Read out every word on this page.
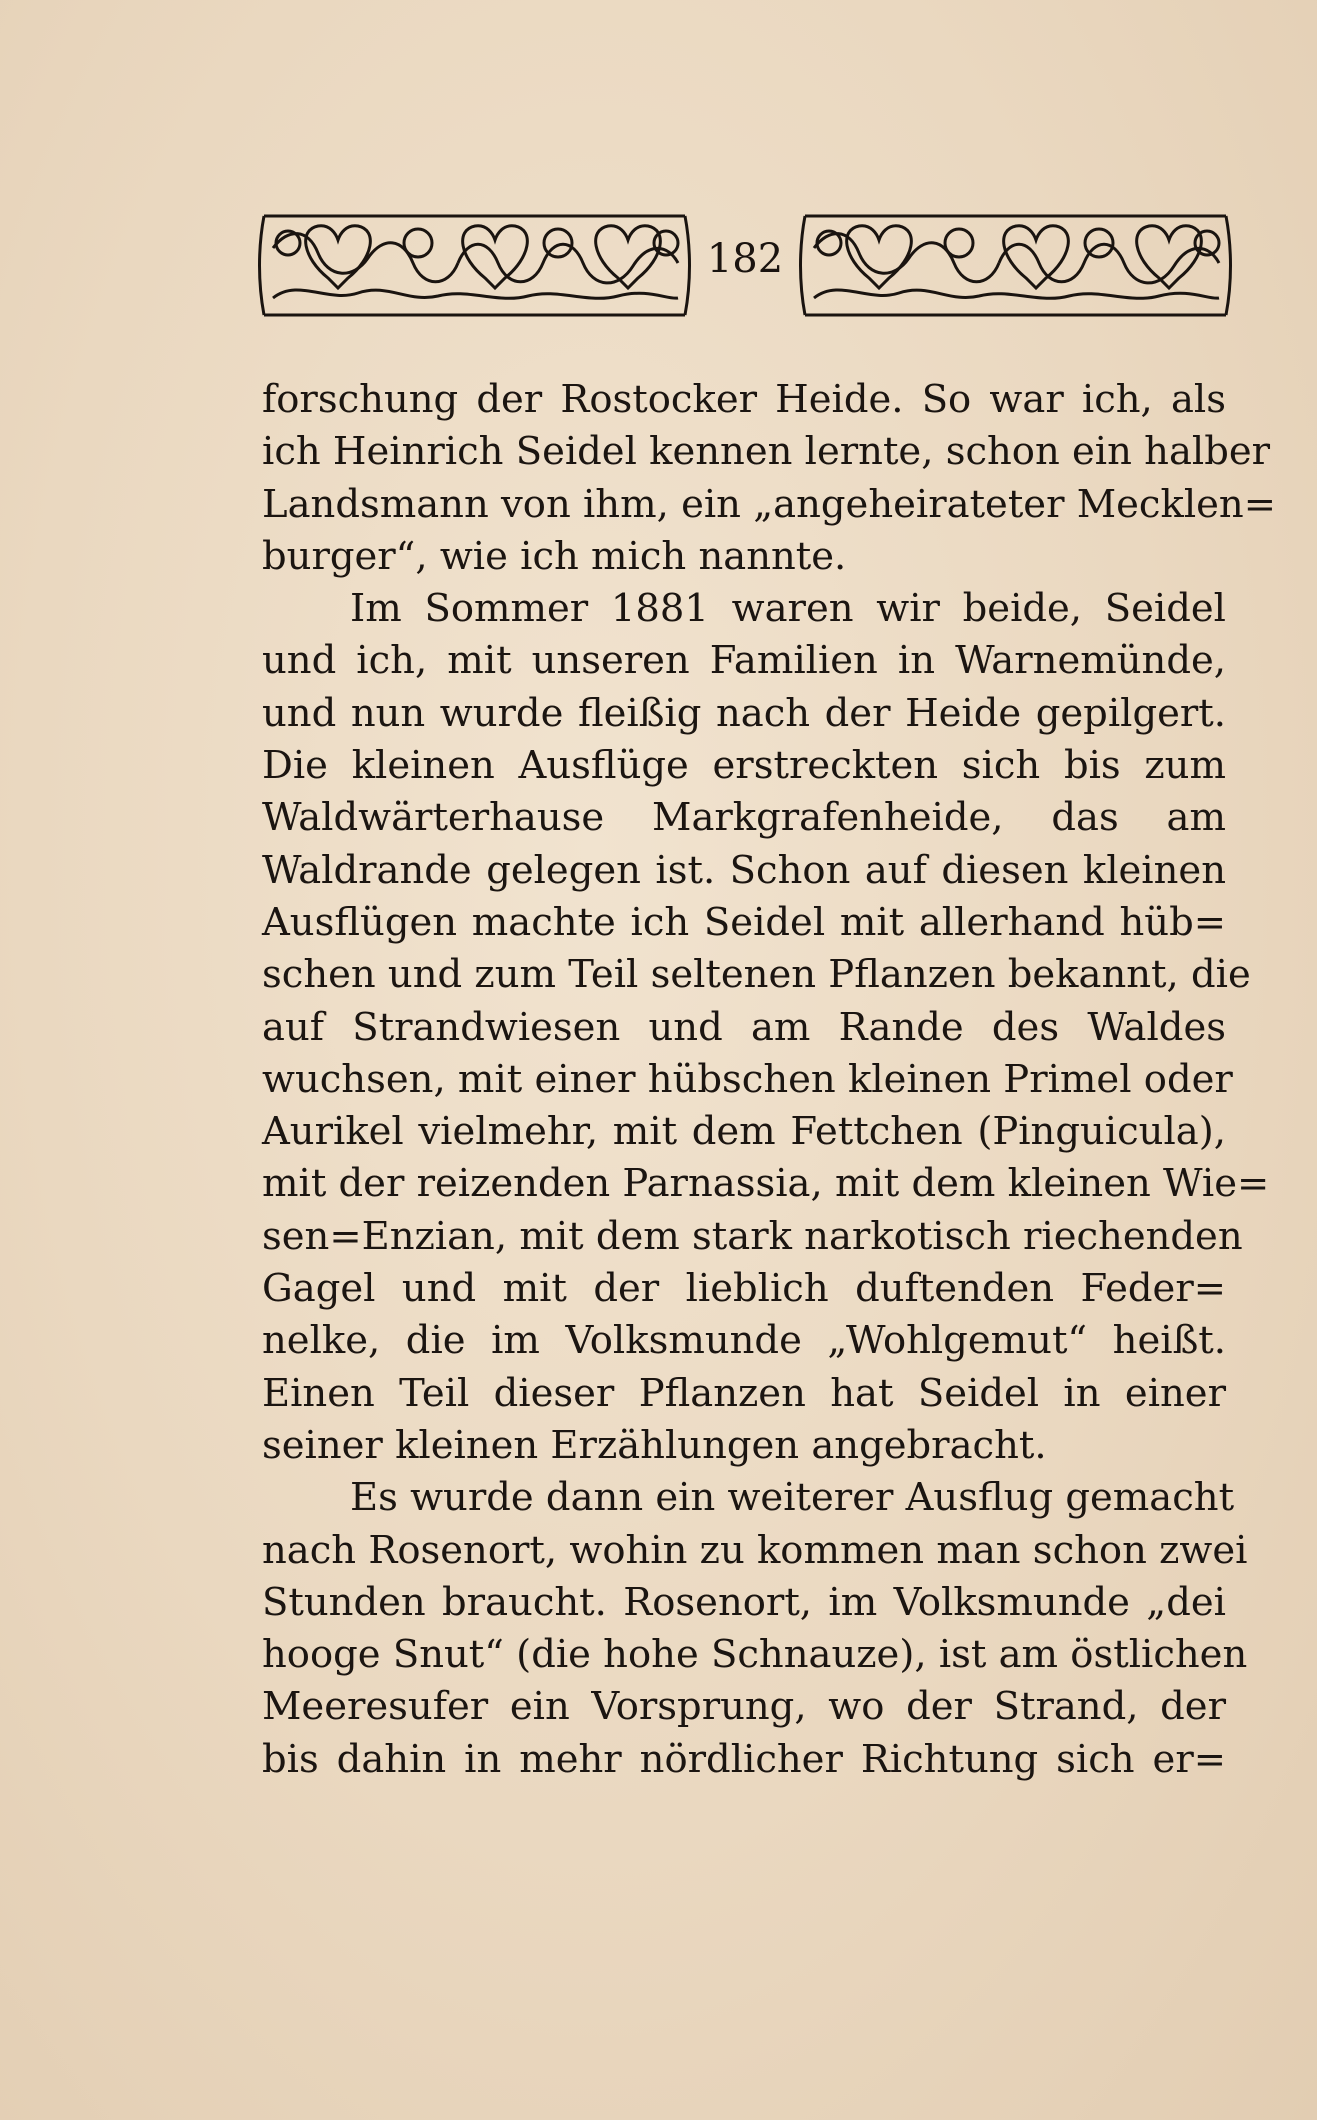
182
forschung der Rostocker Heide. So war ich, als
ich Heinrich Seidel kennen lernte, schon ein halber
Landsmann von ihm, ein „angeheirateter Mecklen=
burger“, wie ich mich nannte.
Im Sommer 1881 waren wir beide, Seidel
und ich, mit unseren Familien in Warnemünde,
und nun wurde fleißig nach der Heide gepilgert.
Die kleinen Ausflüge erstreckten sich bis zum
Waldwärterhause Markgrafenheide, das am
Waldrande gelegen ist. Schon auf diesen kleinen
Ausflügen machte ich Seidel mit allerhand hüb=
schen und zum Teil seltenen Pflanzen bekannt, die
auf Strandwiesen und am Rande des Waldes
wuchsen, mit einer hübschen kleinen Primel oder
Aurikel vielmehr, mit dem Fettchen (Pinguicula),
mit der reizenden Parnassia, mit dem kleinen Wie=
sen=Enzian, mit dem stark narkotisch riechenden
Gagel und mit der lieblich duftenden Feder=
nelke, die im Volksmunde „Wohlgemut“ heißt.
Einen Teil dieser Pflanzen hat Seidel in einer
seiner kleinen Erzählungen angebracht.
Es wurde dann ein weiterer Ausflug gemacht
nach Rosenort, wohin zu kommen man schon zwei
Stunden braucht. Rosenort, im Volksmunde „dei
hooge Snut“ (die hohe Schnauze), ist am östlichen
Meeresufer ein Vorsprung, wo der Strand, der
bis dahin in mehr nördlicher Richtung sich er=
